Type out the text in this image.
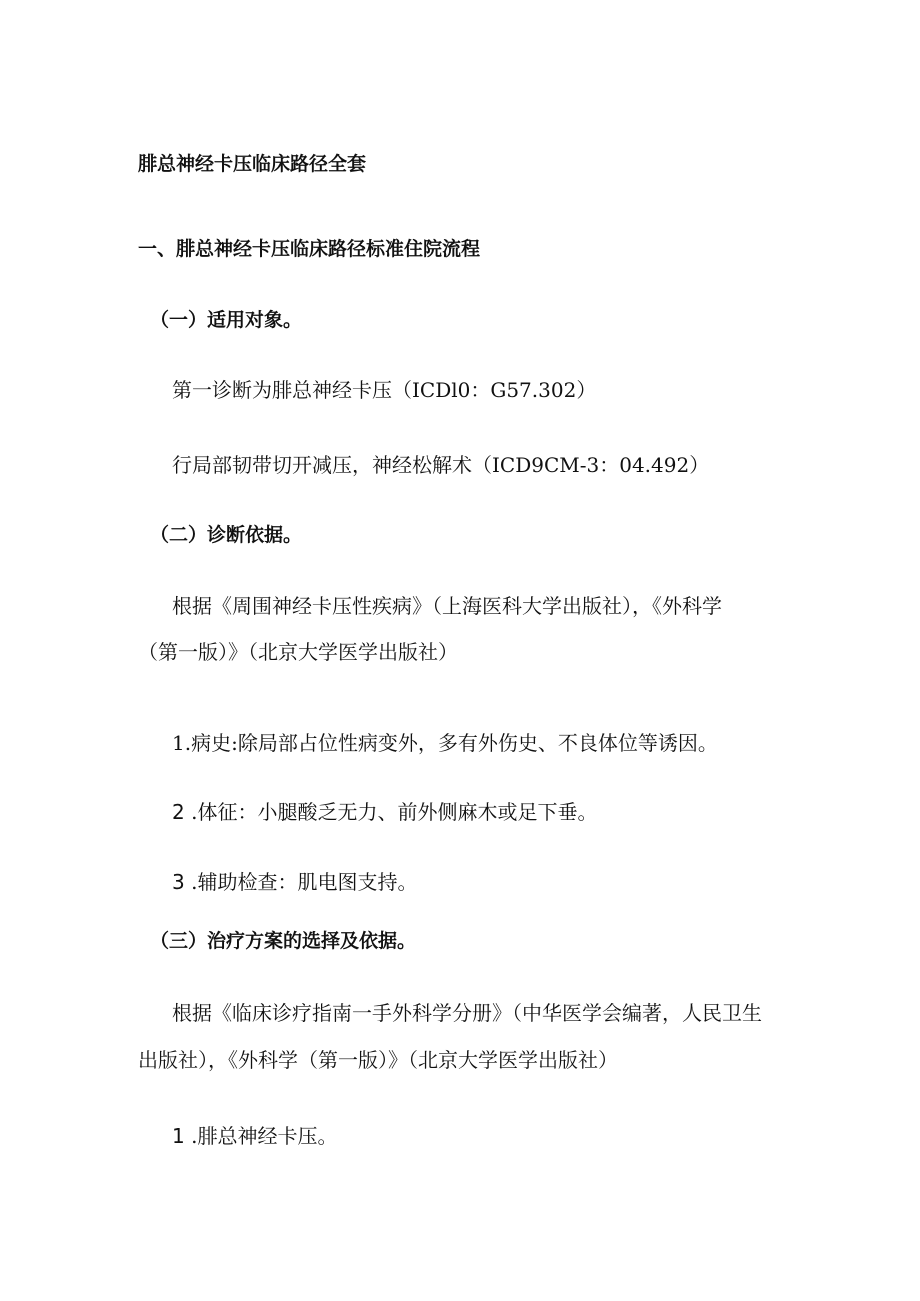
腓总神经卡压临床路径全套
一、腓总神经卡压临床路径标准住院流程
（一）适用对象。
第一诊断为腓总神经卡压（ICDl0：G57.302）
行局部韧带切开减压，神经松解术（ICD9CM-3：04.492）
（二）诊断依据。
根据《周围神经卡压性疾病》（上海医科大学出版社），《外科学
（第一版）》（北京大学医学出版社）
1.病史:除局部占位性病变外，多有外伤史、不良体位等诱因。
2 .体征：小腿酸乏无力、前外侧麻木或足下垂。
3 .辅助检查：肌电图支持。
（三）治疗方案的选择及依据。
根据《临床诊疗指南一手外科学分册》（中华医学会编著，人民卫生
出版社），《外科学（第一版）》（北京大学医学出版社）
1 .腓总神经卡压。
